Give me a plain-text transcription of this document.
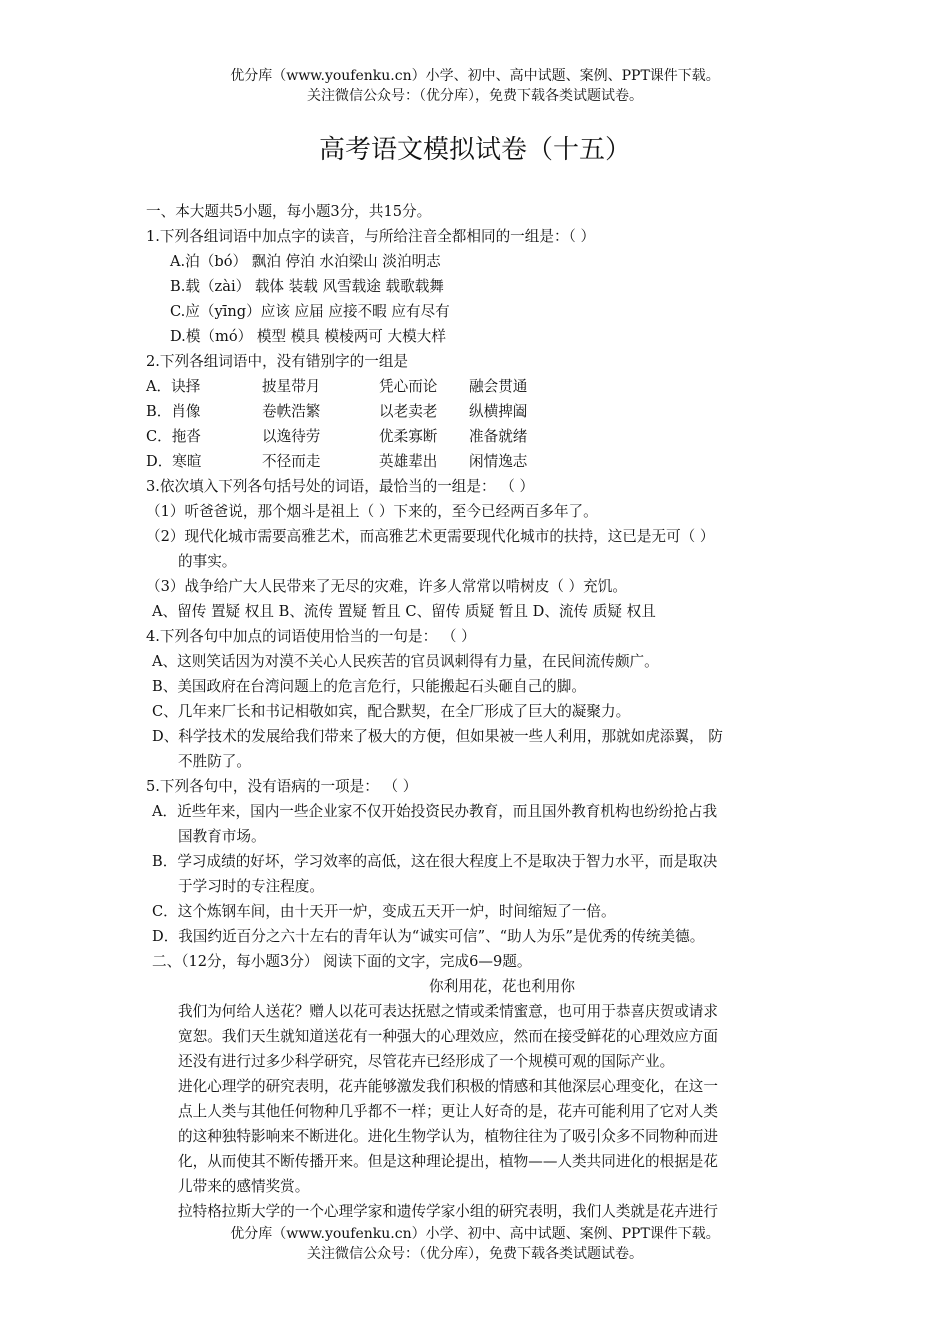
优分库（www.youfenku.cn）小学、初中、高中试题、案例、PPT课件下载。
关注微信公众号：（优分库），免费下载各类试题试卷。
高考语文模拟试卷（十五）
一、本大题共5小题，每小题3分，共15分。
1.下列各组词语中加点字的读音，与所给注音全都相同的一组是：（ ）
A.泊（bó） 飘泊 停泊 水泊梁山 淡泊明志
B.载（zài） 载体 装载 风雪载途 载歌载舞
C.应（yīng）应该 应届 应接不暇 应有尽有
D.模（mó） 模型 模具 模棱两可 大模大样
2.下列各组词语中，没有错别字的一组是
A．诀择	披星带月	凭心而论 融会贯通
B．肖像	卷帙浩繁	以老卖老 纵横捭阖
C．拖沓	以逸待劳	优柔寡断 准备就绪
D．寒暄	不径而走	英雄辈出 闲情逸志
3.依次填入下列各句括号处的词语，最恰当的一组是： （ ）
（1）听爸爸说，那个烟斗是祖上（ ）下来的，至今已经两百多年了。
（2）现代化城市需要高雅艺术，而高雅艺术更需要现代化城市的扶持，这已是无可（ ）
的事实。
（3）战争给广大人民带来了无尽的灾难，许多人常常以啃树皮（ ）充饥。
A、留传 置疑 权且 B、流传 置疑 暂且 C、留传 质疑 暂且 D、流传 质疑 权且
4.下列各句中加点的词语使用恰当的一句是： （ ）
A、这则笑话因为对漠不关心人民疾苦的官员讽刺得有力量，在民间流传颇广。
B、美国政府在台湾问题上的危言危行，只能搬起石头砸自己的脚。
C、几年来厂长和书记相敬如宾，配合默契，在全厂形成了巨大的凝聚力。
D、科学技术的发展给我们带来了极大的方便，但如果被一些人利用，那就如虎添翼， 防
不胜防了。
5.下列各句中，没有语病的一项是： （ ）
A．近些年来，国内一些企业家不仅开始投资民办教育，而且国外教育机构也纷纷抢占我
国教育市场。
B．学习成绩的好坏，学习效率的高低，这在很大程度上不是取决于智力水平，而是取决
于学习时的专注程度。
C．这个炼钢车间，由十天开一炉，变成五天开一炉，时间缩短了一倍。
D．我国约近百分之六十左右的青年认为“诚实可信”、“助人为乐”是优秀的传统美德。
二、（12分，每小题3分） 阅读下面的文字，完成6—9题。
你利用花，花也利用你
我们为何给人送花？赠人以花可表达抚慰之情或柔情蜜意，也可用于恭喜庆贺或请求
宽恕。我们天生就知道送花有一种强大的心理效应，然而在接受鲜花的心理效应方面
还没有进行过多少科学研究，尽管花卉已经形成了一个规模可观的国际产业。
进化心理学的研究表明，花卉能够激发我们积极的情感和其他深层心理变化，在这一
点上人类与其他任何物种几乎都不一样；更让人好奇的是，花卉可能利用了它对人类
的这种独特影响来不断进化。进化生物学认为，植物往往为了吸引众多不同物种而进
化，从而使其不断传播开来。但是这种理论提出，植物——人类共同进化的根据是花
儿带来的感情奖赏。
拉特格拉斯大学的一个心理学家和遗传学家小组的研究表明，我们人类就是花卉进行
优分库（www.youfenku.cn）小学、初中、高中试题、案例、PPT课件下载。
关注微信公众号：（优分库），免费下载各类试题试卷。
